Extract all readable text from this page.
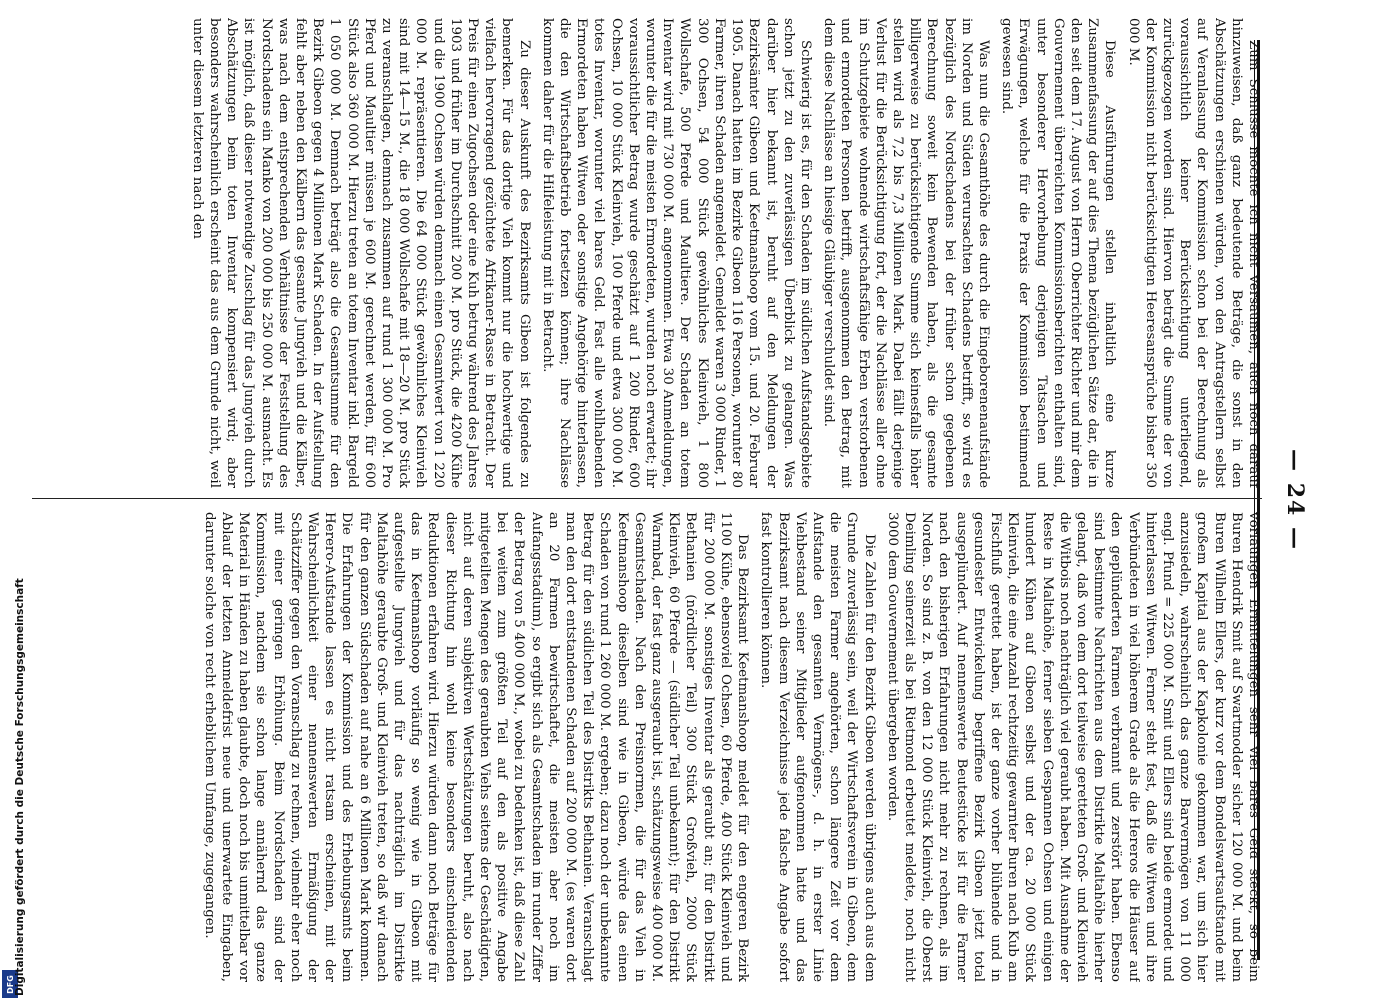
— 24 —

Zum Schlusse möchte ich nicht versäumen, auch noch darauf hinzuweisen, daß ganz bedeutende Beträge, die sonst in den Abschätzungen erschienen würden, von den Antragstellern selbst auf Veranlassung der Kommission schon bei der Berechnung als voraussichtlich keiner Berücksichtigung unterliegend, zurückgezogen worden sind. Hiervon beträgt die Summe der von der Kommission nicht berücksichtigten Heeresansprüche bisher 350 000 M.

Diese Ausführungen stellen inhaltlich eine kurze Zusammenfassung der auf dies Thema bezüglichen Sätze dar, die in den seit dem 17. August von Herrn Oberrichter Richter und mir dem Gouvernement überreichten Kommissionsberichten enthalten sind, unter besonderer Hervorhebung derjenigen Tatsachen und Erwägungen, welche für die Praxis der Kommission bestimmend gewesen sind.

Was nun die Gesamthöhe des durch die Eingeborenenaufstände im Norden und Süden verursachten Schadens betrifft, so wird es bezüglich des Nordschadens bei der früher schon gegebenen Berechnung soweit kein Bewenden haben, als die gesamte billigerweise zu berücksichtigende Summe sich keinesfalls höher stellen wird als 7,2 bis 7,3 Millionen Mark. Dabei fällt derjenige Verlust für die Berücksichtigung fort, der die Nachlässe aller ohne im Schutzgebiete wohnende wirtschaftsfähige Erben verstorbenen und ermordeten Personen betrifft, ausgenommen den Betrag, mit dem diese Nachlässe an hiesige Gläubiger verschuldet sind.

Schwierig ist es, für den Schaden im südlichen Aufstandsgebiete schon jetzt zu den zuverlässigen Überblick zu gelangen. Was darüber hier bekannt ist, beruht auf den Meldungen der Bezirksämter Gibeon und Keetmanshoop vom 15. und 20. Februar 1905. Danach hatten im Bezirke Gibeon 116 Personen, worunter 80 Farmer, ihren Schaden angemeldet. Gemeldet waren 3 000 Rinder, 1 300 Ochsen, 54 000 Stück gewöhnliches Kleinvieh, 1 800 Wollschafe, 500 Pferde und Maultiere. Der Schaden an totem Inventar wird mit 730 000 M. angenommen. Etwa 30 Anmeldungen, worunter die für die meisten Ermordeten, wurden noch erwartet; ihr voraussichtlicher Betrag wurde geschätzt auf 1 200 Rinder, 600 Ochsen, 10 000 Stück Kleinvieh, 100 Pferde und etwa 300 000 M. totes Inventar, worunter viel bares Geld. Fast alle wohlhabenden Ermordeten haben Witwen oder sonstige Angehörige hinterlassen, die den Wirtschaftsbetrieb fortsetzen können; ihre Nachlässe kommen daher für die Hilfeleistung mit in Betracht.

Zu dieser Auskunft des Bezirksamts Gibeon ist folgendes zu bemerken. Für das dortige Vieh kommt nur die hochwertige und vielfach hervorragend gezüchtete Afrikaner-Rasse in Betracht. Der Preis für einen Zugochsen oder eine Kuh betrug während des Jahres 1903 und früher im Durchschnitt 200 M. pro Stück, die 4200 Kühe und die 1900 Ochsen würden demnach einen Gesamtwert von 1 220 000 M. repräsentieren. Die 64 000 Stück gewöhnliches Kleinvieh sind mit 14—15 M., die 18 000 Wollschafe mit 18—20 M. pro Stück zu veranschlagen, demnach zusammen auf rund 1 300 000 M. Pro Pferd und Maultier müssen je 600 M. gerechnet werden, für 600 Stück also 360 000 M. Hierzu treten an totem Inventar inkl. Bargeld 1 050 000 M. Demnach beträgt also die Gesamtsumme für den Bezirk Gibeon gegen 4 Millionen Mark Schaden. In der Aufstellung fehlt aber neben den Kälbern das gesamte Jungvieh und die Kälber, was nach dem entsprechenden Verhältnisse der Feststellung des Nordschadens ein Manko von 200 000 bis 250 000 M. ausmacht. Es ist möglich, daß dieser notwendige Zuschlag für das Jungvieh durch Abschätzungen beim toten Inventar kompensiert wird; aber besonders wahrscheinlich erscheint das aus dem Grunde nicht, weil unter diesem letzteren nach den

vorläufigen Ermittelungen sehr viel bares Geld steckt, so beim Buren Hendrik Smit auf Swartmodder sicher 120 000 M. und beim Buren Wilhelm Ellers, der kurz vor dem Bondelswartsaufstande mit großem Kapital aus der Kapkolonie gekommen war, um sich hier anzusiedeln, wahrscheinlich das ganze Barvermögen von 11 000 engl. Pfund = 225 000 M. Smit und Ellers sind beide ermordet und hinterlassen Witwen. Ferner steht fest, daß die Witwen und ihre Verbündeten in viel höherem Grade als die Hereros die Häuser auf den geplünderten Farmen verbrannt und zerstört haben. Ebenso sind bestimmte Nachrichten aus dem Distrikte Maltahöhe hierher gelangt, daß von dem dort teilweise geretteten Groß- und Kleinvieh die Witbois noch nachträglich viel geraubt haben. Mit Ausnahme der Reste in Maltahöhe, ferner sieben Gespannen Ochsen und einigen hundert Kühen auf Gibeon selbst und der ca. 20 000 Stück Kleinvieh, die eine Anzahl rechtzeitig gewarnter Buren nach Kub am Fischfluß gerettet haben, ist der ganze vorher blühende und in gesundester Entwickelung begriffene Bezirk Gibeon jetzt total ausgeplündert. Auf nennenswerte Beutestücke ist für die Farmer nach den bisherigen Erfahrungen nicht mehr zu rechnen, als im Norden. So sind z. B. von den 12 000 Stück Kleinvieh, die Oberst Deimling seinerzeit als bei Rietmond erbeutet meldete, noch nicht 3000 dem Gouvernement übergeben worden.

Die Zahlen für den Bezirk Gibeon werden übrigens auch aus dem Grunde zuverlässig sein, weil der Wirtschaftsverein in Gibeon, dem die meisten Farmer angehörten, schon längere Zeit vor dem Aufstande den gesamten Vermögens-, d. h. in erster Linie Viehbestand seiner Mitglieder aufgenommen hatte und das Bezirksamt nach diesem Verzeichnisse jede falsche Angabe sofort fast kontrollieren können.

Das Bezirksamt Keetmanshoop meldet für den engeren Bezirk 1100 Kühe, ebensoviel Ochsen, 60 Pferde, 400 Stück Kleinvieh und für 200 000 M. sonstiges Inventar als geraubt an; für den Distrikt Bethanien (nördlicher Teil) 300 Stück Großvieh, 2000 Stück Kleinvieh, 60 Pferde — (südlicher Teil unbekannt); für den Distrikt Warmbad, der fast ganz ausgeraubt ist, schätzungsweise 400 000 M. Gesamtschaden. Nach den Preisnormen, die für das Vieh in Keetmanshoop dieselben sind wie in Gibeon, würde das einen Schaden von rund 1 260 000 M. ergeben; dazu noch der unbekannte Betrag für den südlichen Teil des Distrikts Bethanien. Veranschlagt man den dort entstandenen Schaden auf 200 000 M. (es waren dort an 20 Farmen bewirtschaftet, die meisten aber noch im Aufangsstadium), so ergibt sich als Gesamtschaden im runder Ziffer der Betrag von 5 400 000 M., wobei zu bedenken ist, daß diese Zahl bei weitem zum größten Teil auf den als positive Angabe mitgeteilten Mengen des geraubten Viehs seitens der Geschädigten, nicht auf deren subjektiven Wertschätzungen beruht, also nach dieser Richtung hin wohl keine besonders einschneidenden Reduktionen erfahren wird. Hierzu würden dann noch Beträge für das in Keetmanshoop vorläufig so wenig wie in Gibeon mit aufgestellte Jungvieh und für das nachträglich im Distrikte Maltahöhe geraubte Groß- und Kleinvieh treten, so daß wir danach für den ganzen Südschaden auf nahe an 6 Millionen Mark kommen. Die Erfahrungen der Kommission und des Erhebungsamts beim Herero-Aufstande lassen es nicht ratsam erscheinen, mit der Wahrscheinlichkeit einer nennenswerten Ermäßigung der Schätzziffer gegen den Voranschlag zu rechnen, vielmehr eher noch mit einer geringen Erhöhung. Beim Nordschaden sind der Kommission, nachdem sie schon lange annähernd das ganze Material in Händen zu haben glaubte, doch noch bis unmittelbar vor Ablauf der letzten Anmeldefrist neue und unerwartete Eingaben, darunter solche von recht erheblichem Umfange, zugegangen.

DFG Digitalisierung gefördert durch die Deutsche Forschungsgemeinschaft
